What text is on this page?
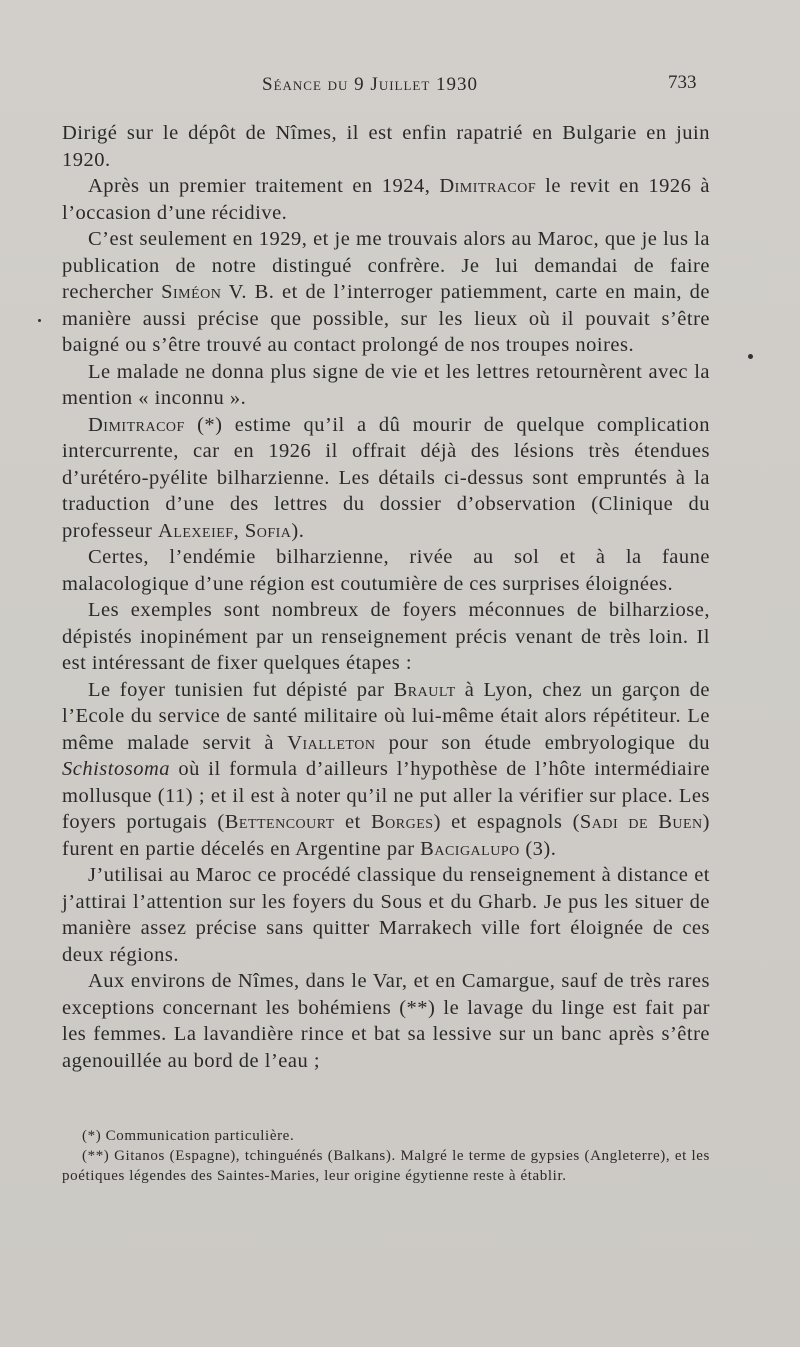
Séance du 9 Juillet 1930	733

Dirigé sur le dépôt de Nîmes, il est enfin rapatrié en Bulgarie en juin 1920.

Après un premier traitement en 1924, Dimitracof le revit en 1926 à l’occasion d’une récidive.

C’est seulement en 1929, et je me trouvais alors au Maroc, que je lus la publication de notre distingué confrère. Je lui demandai de faire rechercher Siméon V. B. et de l’interroger patiemment, carte en main, de manière aussi précise que possible, sur les lieux où il pouvait s’être baigné ou s’être trouvé au contact prolongé de nos troupes noires.

Le malade ne donna plus signe de vie et les lettres retournèrent avec la mention « inconnu ».

Dimitracof (*) estime qu’il a dû mourir de quelque complication intercurrente, car en 1926 il offrait déjà des lésions très étendues d’urétéro-pyélite bilharzienne. Les détails ci-dessus sont empruntés à la traduction d’une des lettres du dossier d’observation (Clinique du professeur Alexeief, Sofia).

Certes, l’endémie bilharzienne, rivée au sol et à la faune malacologique d’une région est coutumière de ces surprises éloignées.

Les exemples sont nombreux de foyers méconnues de bilharziose, dépistés inopinément par un renseignement précis venant de très loin. Il est intéressant de fixer quelques étapes :

Le foyer tunisien fut dépisté par Brault à Lyon, chez un garçon de l’Ecole du service de santé militaire où lui-même était alors répétiteur. Le même malade servit à Vialleton pour son étude embryologique du Schistosoma où il formula d’ailleurs l’hypothèse de l’hôte intermédiaire mollusque (11) ; et il est à noter qu’il ne put aller la vérifier sur place. Les foyers portugais (Bettencourt et Borges) et espagnols (Sadi de Buen) furent en partie décelés en Argentine par Bacigalupo (3).

J’utilisai au Maroc ce procédé classique du renseignement à distance et j’attirai l’attention sur les foyers du Sous et du Gharb. Je pus les situer de manière assez précise sans quitter Marrakech ville fort éloignée de ces deux régions.

Aux environs de Nîmes, dans le Var, et en Camargue, sauf de très rares exceptions concernant les bohémiens (**) le lavage du linge est fait par les femmes. La lavandière rince et bat sa lessive sur un banc après s’être agenouillée au bord de l’eau ;

(*) Communication particulière.

(**) Gitanos (Espagne), tchinguénés (Balkans). Malgré le terme de gypsies (Angleterre), et les poétiques légendes des Saintes-Maries, leur origine égytienne reste à établir.
